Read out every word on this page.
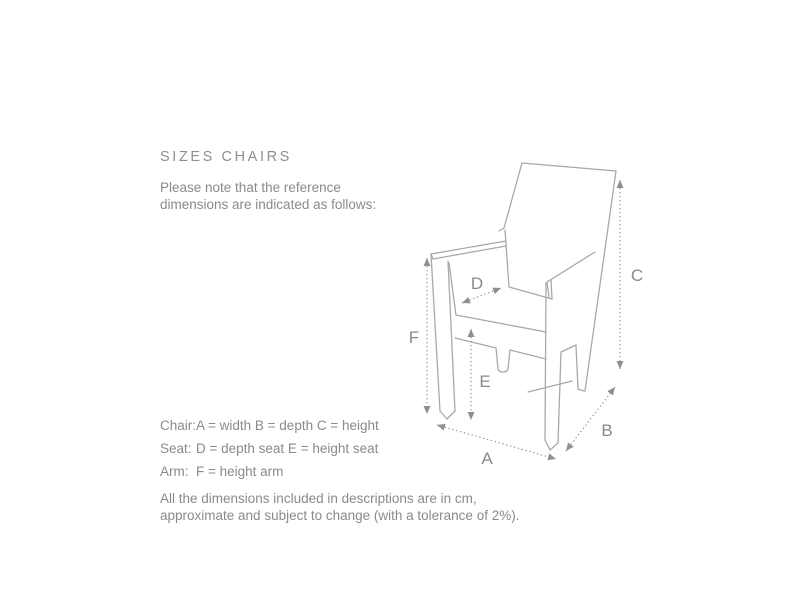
SIZES CHAIRS
Please note that the reference
dimensions are indicated as follows:
A
B
C
D
E
F
Chair:A = width B = depth C = height
Seat: D = depth seat E = height seat
Arm: F = height arm
All the dimensions included in descriptions are in cm,
approximate and subject to change (with a tolerance of 2%).
